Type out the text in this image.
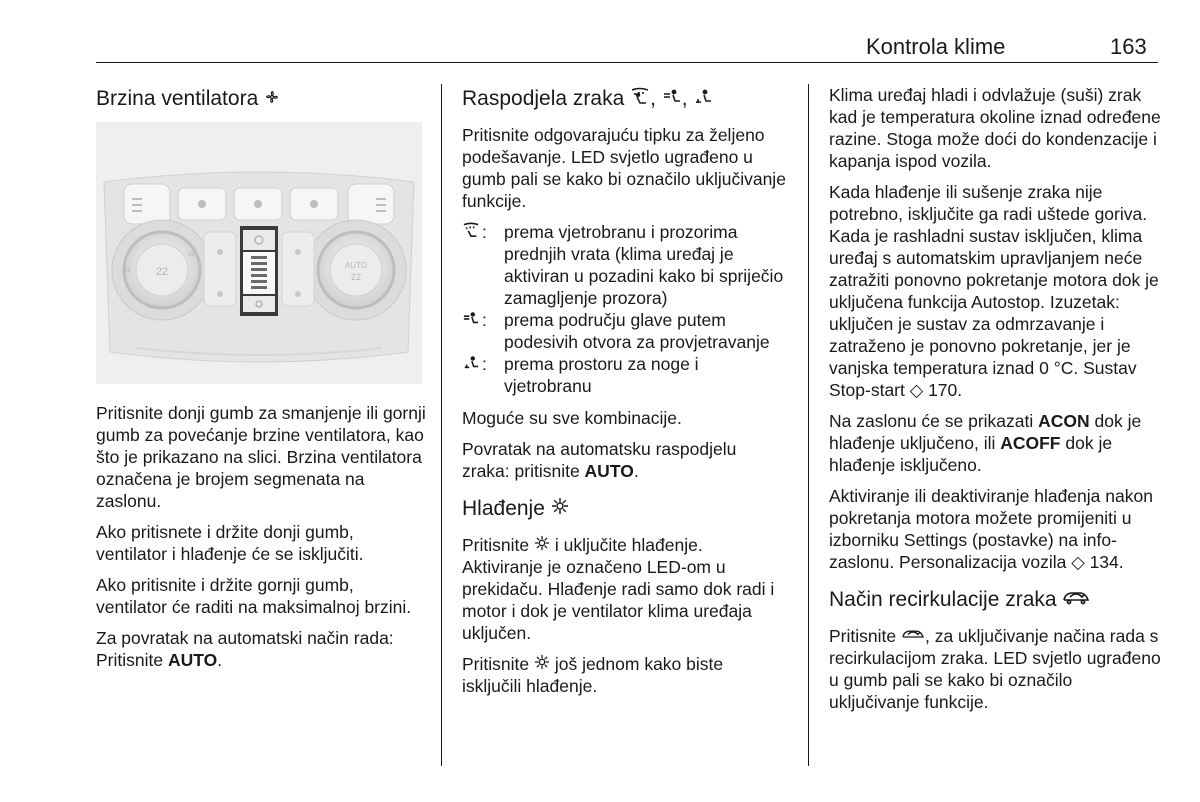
Kontrola klime	163
Brzina ventilatora
22
16
28
AUTO
22

Pritisnite donji gumb za smanjenje ili gornji gumb za povećanje brzine ventilatora, kao što je prikazano na slici. Brzina ventilatora označena je brojem segmenata na zaslonu.

Ako pritisnete i držite donji gumb, ventilator i hlađenje će se isključiti.

Ako pritisnite i držite gornji gumb, ventilator će raditi na maksimalnoj brzini.

Za povratak na automatski način rada: Pritisnite AUTO.

Raspodjela zraka , ,

Pritisnite odgovarajuću tipku za željeno podešavanje. LED svjetlo ugrađeno u gumb pali se kako bi označilo uključivanje funkcije.

: prema vjetrobranu i prozorima prednjih vrata (klima uređaj je aktiviran u pozadini kako bi spriječio zamagljenje prozora)
: prema području glave putem podesivih otvora za provjetravanje
: prema prostoru za noge i vjetrobranu

Moguće su sve kombinacije.

Povratak na automatsku raspodjelu zraka: pritisnite AUTO.

Hlađenje

Pritisnite  i uključite hlađenje. Aktiviranje je označeno LED-om u prekidaču. Hlađenje radi samo dok radi i motor i dok je ventilator klima uređaja uključen.

Pritisnite  još jednom kako biste isključili hlađenje.

Klima uređaj hladi i odvlažuje (suši) zrak kad je temperatura okoline iznad određene razine. Stoga može doći do kondenzacije i kapanja ispod vozila.

Kada hlađenje ili sušenje zraka nije potrebno, isključite ga radi uštede goriva. Kada je rashladni sustav isključen, klima uređaj s automatskim upravljanjem neće zatražiti ponovno pokretanje motora dok je uključena funkcija Autostop. Izuzetak: uključen je sustav za odmrzavanje i zatraženo je ponovno pokretanje, jer je vanjska temperatura iznad 0 °C. Sustav Stop-start ◇ 170.

Na zaslonu će se prikazati ACON dok je hlađenje uključeno, ili ACOFF dok je hlađenje isključeno.

Aktiviranje ili deaktiviranje hlađenja nakon pokretanja motora možete promijeniti u izborniku Settings (postavke) na info-zaslonu. Personalizacija vozila ◇ 134.

Način recirkulacije zraka

Pritisnite , za uključivanje načina rada s recirkulacijom zraka. LED svjetlo ugrađeno u gumb pali se kako bi označilo uključivanje funkcije.
